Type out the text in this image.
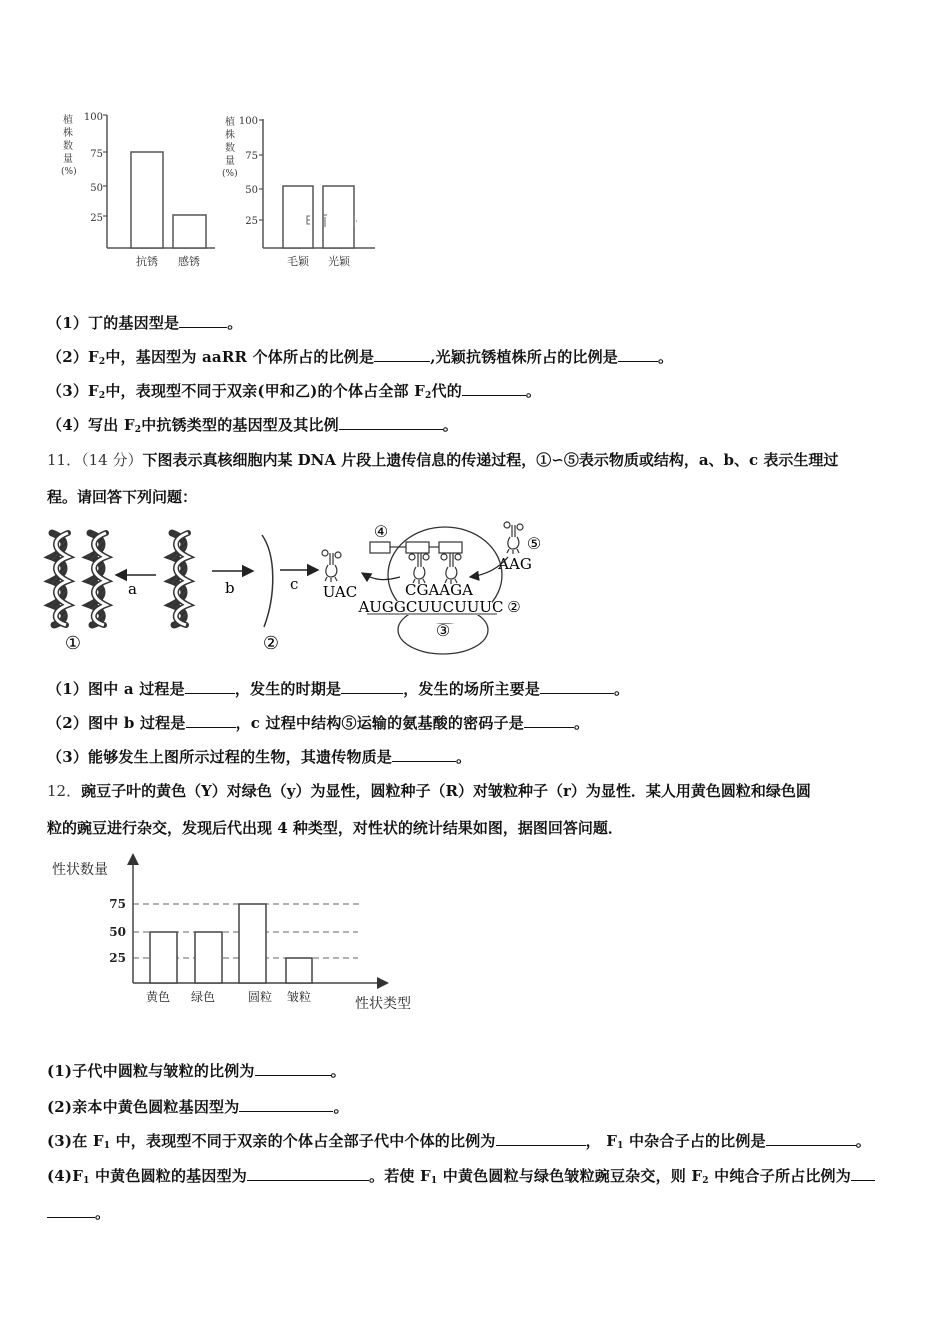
植
株
数
量
(%)
100
75
50
25
抗锈 感锈
植
株
数
量
(%)
100
75
50
25
毛颖 光颖
（1）丁的基因型是	。
$(2)F_2$中，基因型为 aaRR 个体所占的比例是	,光颖抗锈植株所占的比例是	。
$(3)F_2$中，表现型不同于双亲(甲和乙)的个体占全部 $F_2$代的	。
（4）写出 $F_2$中抗锈类型的基因型及其比例	。
11．（14 分）下图表示真核细胞内某 DNA 片段上遗传信息的传递过程，①∽⑤表示物质或结构，a、b、c 表示生理过
程。请回答下列问题：
a	b	c
①	②
UAC
③
④
CGAAGA
AUGGCUUCUUUC ②
⑤
AAG
（1）图中 a 过程是	，发生的时期是	，发生的场所主要是	。
（2）图中 b 过程是	，c 过程中结构⑤运输的氨基酸的密码子是	。
（3）能够发生上图所示过程的生物，其遗传物质是	。
12．豌豆子叶的黄色（Y）对绿色（y）为显性，圆粒种子（R）对皱粒种子（r）为显性．某人用黄色圆粒和绿色圆
粒的豌豆进行杂交，发现后代出现 4 种类型，对性状的统计结果如图，据图回答问题．
性状数量
75
50
25
黄色 绿色	圆粒 皱粒	性状类型
(1)子代中圆粒与皱粒的比例为	。
(2)亲本中黄色圆粒基因型为	。
(3)在 $F_1$ 中，表现型不同于双亲的个体占全部子代中个体的比例为	， $F_1$ 中杂合子占的比例是	。
$(4)F_1$ 中黄色圆粒的基因型为	。若使 $F_1$ 中黄色圆粒与绿色皱粒豌豆杂交，则 $F_2$ 中纯合子所占比例为
。
